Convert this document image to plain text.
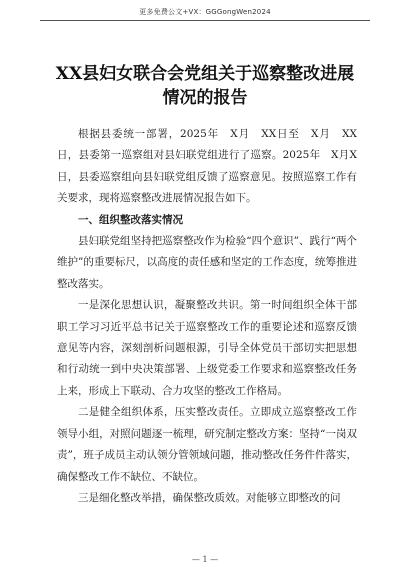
更多免费公文+VX：GGGongWen2024
XX县妇女联合会党组关于巡察整改进展
情况的报告

根据县委统一部署，2025年　X月　XX日至　X月　XX日，县委第一巡察组对县妇联党组进行了巡察。2025年　X月X日，县委巡察组向县妇联党组反馈了巡察意见。按照巡察工作有关要求，现将巡察整改进展情况报告如下。

一、组织整改落实情况

县妇联党组坚持把巡察整改作为检验“四个意识”、践行“两个维护”的重要标尺，以高度的责任感和坚定的工作态度，统筹推进整改落实。

一是深化思想认识，凝聚整改共识。第一时间组织全体干部职工学习习近平总书记关于巡察整改工作的重要论述和巡察反馈意见等内容，深刻剖析问题根源，引导全体党员干部切实把思想和行动统一到中央决策部署、上级党委工作要求和巡察整改任务上来，形成上下联动、合力攻坚的整改工作格局。

二是健全组织体系，压实整改责任。立即成立巡察整改工作领导小组，对照问题逐一梳理，研究制定整改方案：坚持“一岗双责”，班子成员主动认领分管领域问题，推动整改任务件件落实，确保整改工作不缺位、不缺位。

三是细化整改举措，确保整改质效。对能够立即整改的问

— 1 —
